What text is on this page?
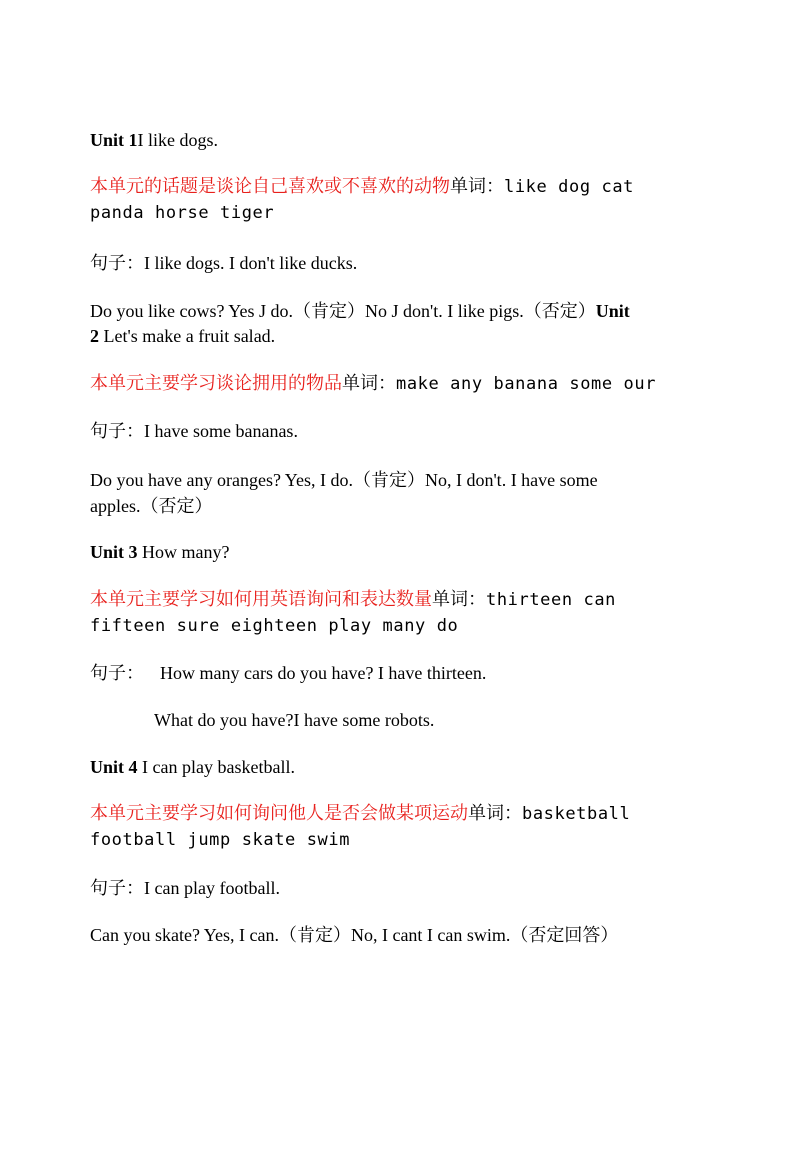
Unit 1I like dogs.
本单元的话题是谈论自己喜欢或不喜欢的动物单词：like dog cat
panda horse tiger
句子：I like dogs. I don't like ducks.
Do you like cows? Yes J do.（肯定）No J don't. I like pigs.（否定）Unit
2 Let's make a fruit salad.
本单元主要学习谈论拥用的物品单词：make any banana some our
句子：I have some bananas.
Do you have any oranges? Yes, I do.（肯定）No, I don't. I have some
apples.（否定）
Unit 3 How many?
本单元主要学习如何用英语询问和表达数量单词：thirteen can
fifteen sure eighteen play many do
句子： How many cars do you have? I have thirteen.
What do you have?I have some robots.
Unit 4 I can play basketball.
本单元主要学习如何询问他人是否会做某项运动单词：basketball
football jump skate swim
句子：I can play football.
Can you skate? Yes, I can.（肯定）No, I cant I can swim.（否定回答）
